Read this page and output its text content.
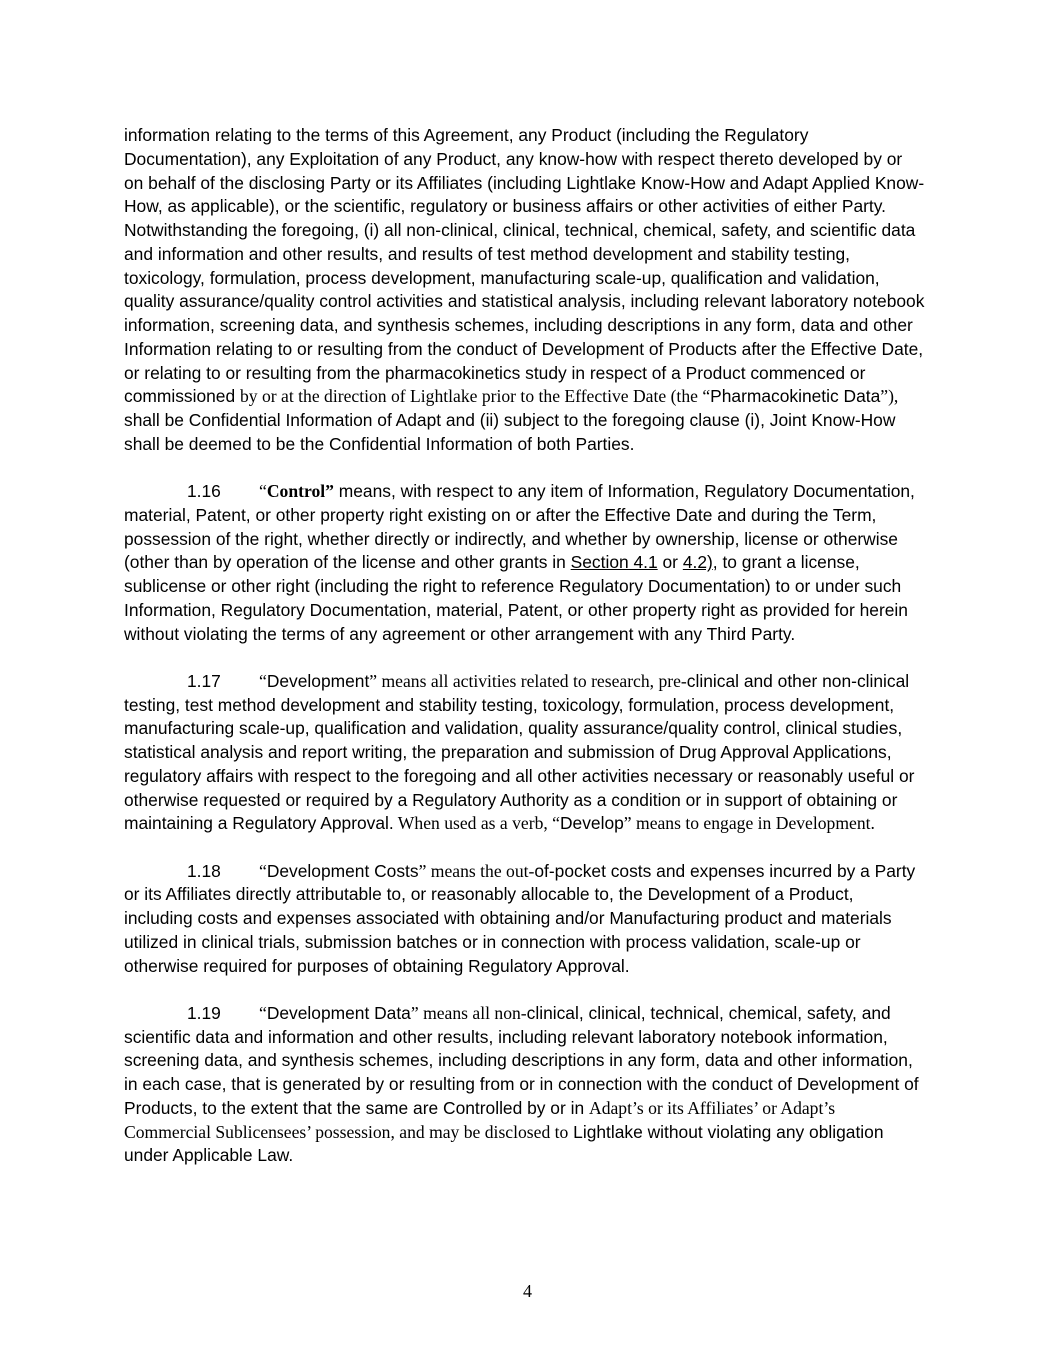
information relating to the terms of this Agreement, any Product (including the Regulatory Documentation), any Exploitation of any Product, any know-how with respect thereto developed by or on behalf of the disclosing Party or its Affiliates (including Lightlake Know-How and Adapt Applied Know-How, as applicable), or the scientific, regulatory or business affairs or other activities of either Party. Notwithstanding the foregoing, (i) all non-clinical, clinical, technical, chemical, safety, and scientific data and information and other results, and results of test method development and stability testing, toxicology, formulation, process development, manufacturing scale-up, qualification and validation, quality assurance/quality control activities and statistical analysis, including relevant laboratory notebook information, screening data, and synthesis schemes, including descriptions in any form, data and other Information relating to or resulting from the conduct of Development of Products after the Effective Date, or relating to or resulting from the pharmacokinetics study in respect of a Product commenced or commissioned by or at the direction of Lightlake prior to the Effective Date (the “Pharmacokinetic Data”), shall be Confidential Information of Adapt and (ii) subject to the foregoing clause (i), Joint Know-How shall be deemed to be the Confidential Information of both Parties.

1.16 “Control” means, with respect to any item of Information, Regulatory Documentation, material, Patent, or other property right existing on or after the Effective Date and during the Term, possession of the right, whether directly or indirectly, and whether by ownership, license or otherwise (other than by operation of the license and other grants in Section 4.1 or 4.2), to grant a license, sublicense or other right (including the right to reference Regulatory Documentation) to or under such Information, Regulatory Documentation, material, Patent, or other property right as provided for herein without violating the terms of any agreement or other arrangement with any Third Party.

1.17 “Development” means all activities related to research, pre-clinical and other non-clinical testing, test method development and stability testing, toxicology, formulation, process development, manufacturing scale-up, qualification and validation, quality assurance/quality control, clinical studies, statistical analysis and report writing, the preparation and submission of Drug Approval Applications, regulatory affairs with respect to the foregoing and all other activities necessary or reasonably useful or otherwise requested or required by a Regulatory Authority as a condition or in support of obtaining or maintaining a Regulatory Approval. When used as a verb, “Develop” means to engage in Development.

1.18 “Development Costs” means the out-of-pocket costs and expenses incurred by a Party or its Affiliates directly attributable to, or reasonably allocable to, the Development of a Product, including costs and expenses associated with obtaining and/or Manufacturing product and materials utilized in clinical trials, submission batches or in connection with process validation, scale-up or otherwise required for purposes of obtaining Regulatory Approval.

1.19 “Development Data” means all non-clinical, clinical, technical, chemical, safety, and scientific data and information and other results, including relevant laboratory notebook information, screening data, and synthesis schemes, including descriptions in any form, data and other information, in each case, that is generated by or resulting from or in connection with the conduct of Development of Products, to the extent that the same are Controlled by or in Adapt’s or its Affiliates’ or Adapt’s Commercial Sublicensees’ possession, and may be disclosed to Lightlake without violating any obligation under Applicable Law.

4
